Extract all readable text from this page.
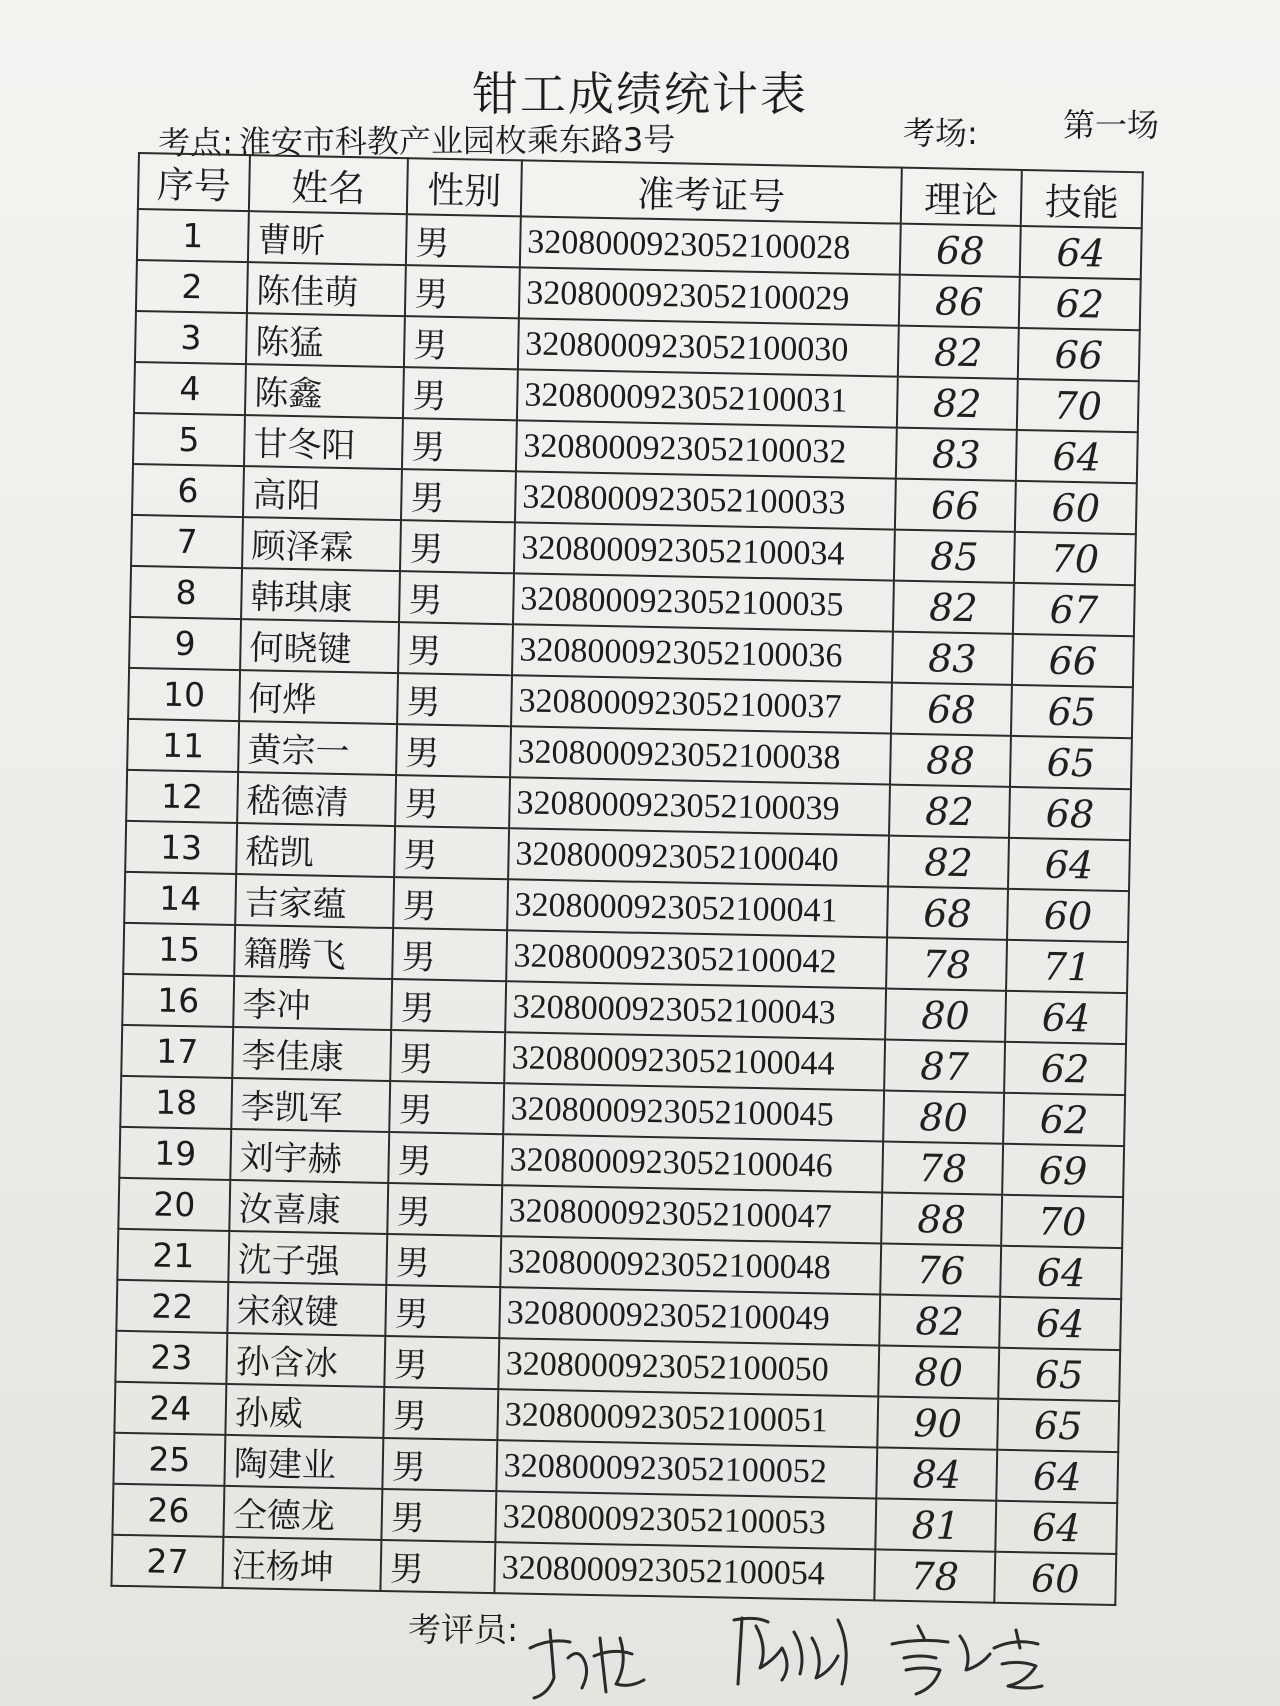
钳工成绩统计表
考点: 淮安市科教产业园枚乘东路3号	考场:	第一场
序号	姓名	性别	准考证号	理论	技能
1	曹昕	男	3208000923052100028	68	64
2	陈佳萌	男	3208000923052100029	86	62
3	陈猛	男	3208000923052100030	82	66
4	陈鑫	男	3208000923052100031	82	70
5	甘冬阳	男	3208000923052100032	83	64
6	高阳	男	3208000923052100033	66	60
7	顾泽霖	男	3208000923052100034	85	70
8	韩琪康	男	3208000923052100035	82	67
9	何晓键	男	3208000923052100036	83	66
10	何烨	男	3208000923052100037	68	65
11	黄宗一	男	3208000923052100038	88	65
12	嵇德清	男	3208000923052100039	82	68
13	嵇凯	男	3208000923052100040	82	64
14	吉家蕴	男	3208000923052100041	68	60
15	籍腾飞	男	3208000923052100042	78	71
16	李冲	男	3208000923052100043	80	64
17	李佳康	男	3208000923052100044	87	62
18	李凯军	男	3208000923052100045	80	62
19	刘宇赫	男	3208000923052100046	78	69
20	汝喜康	男	3208000923052100047	88	70
21	沈子强	男	3208000923052100048	76	64
22	宋叙键	男	3208000923052100049	82	64
23	孙含冰	男	3208000923052100050	80	65
24	孙威	男	3208000923052100051	90	65
25	陶建业	男	3208000923052100052	84	64
26	仝德龙	男	3208000923052100053	81	64
27	汪杨坤	男	3208000923052100054	78	60
考评员:
